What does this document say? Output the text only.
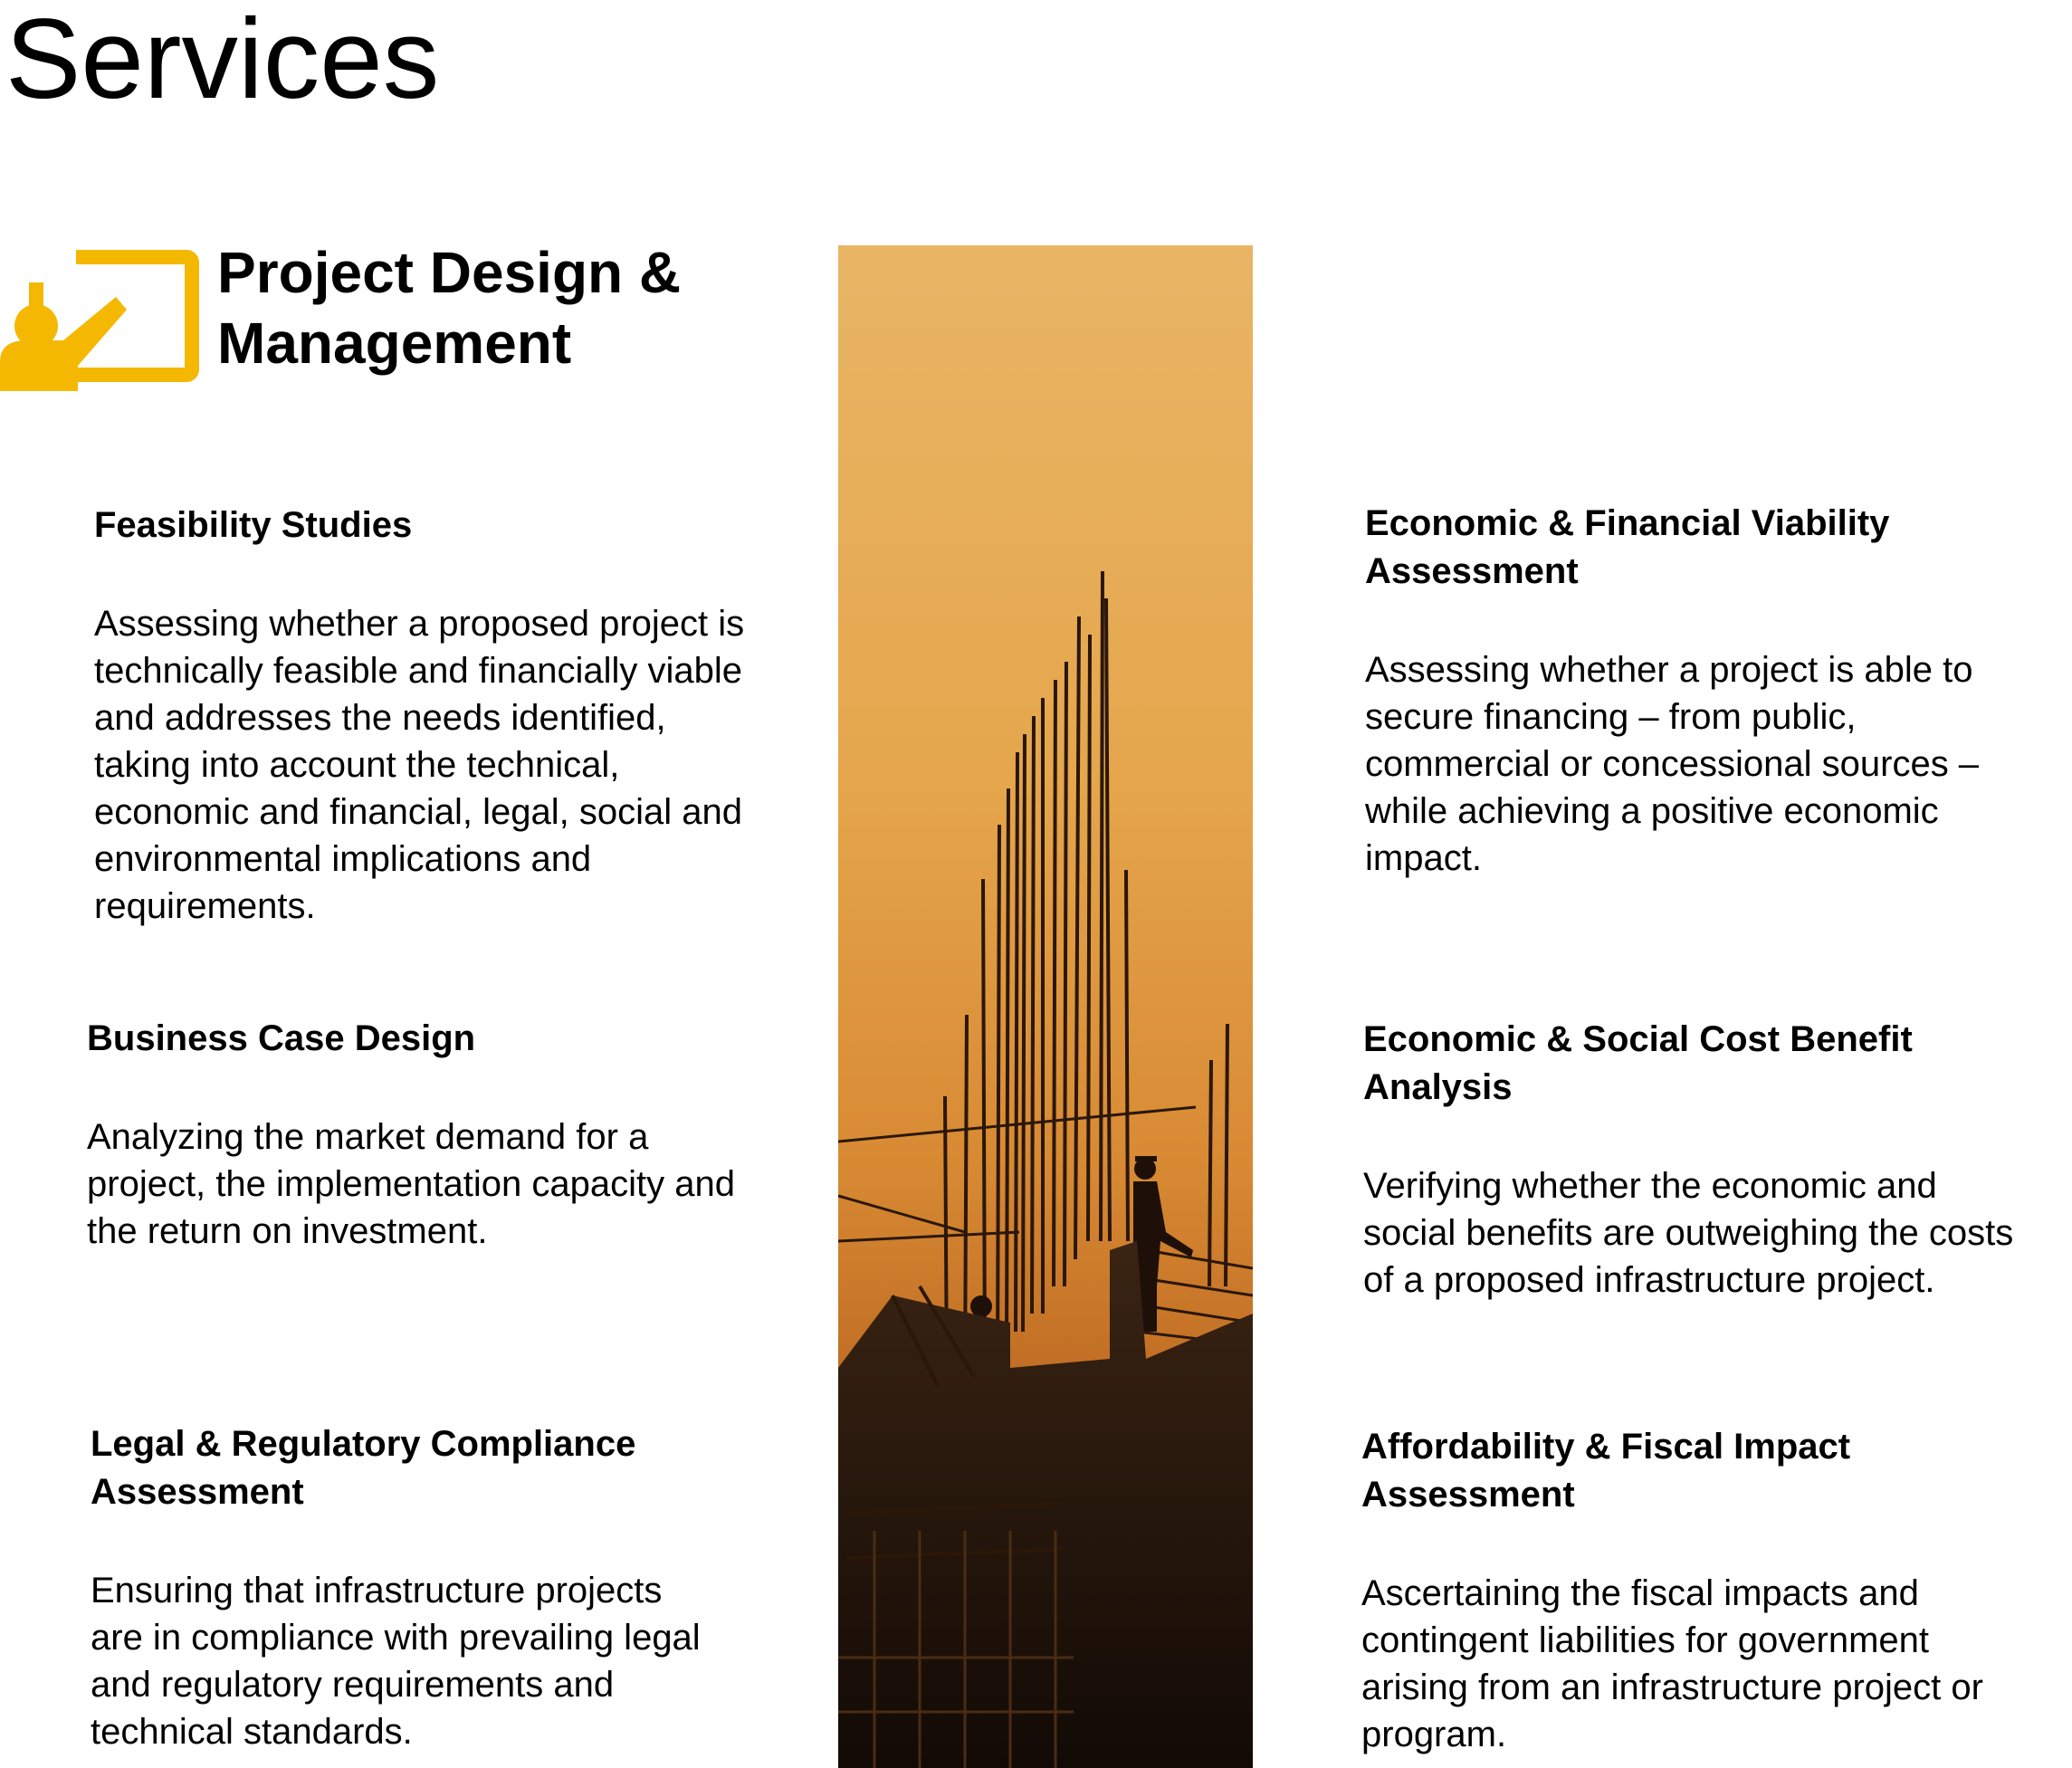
Services
Project Design &
Management
Feasibility Studies

Assessing whether a proposed project is technically feasible and financially viable and addresses the needs identified, taking into account the technical, economic and financial, legal, social and environmental implications and requirements.

Business Case Design

Analyzing the market demand for a project, the implementation capacity and the return on investment.

Legal & Regulatory Compliance Assessment

Ensuring that infrastructure projects are in compliance with prevailing legal and regulatory requirements and technical standards.

Economic & Financial Viability Assessment

Assessing whether a project is able to secure financing – from public, commercial or concessional sources – while achieving a positive economic impact.

Economic & Social Cost Benefit Analysis

Verifying whether the economic and social benefits are outweighing the costs of a proposed infrastructure project.

Affordability & Fiscal Impact Assessment

Ascertaining the fiscal impacts and contingent liabilities for government arising from an infrastructure project or program.
